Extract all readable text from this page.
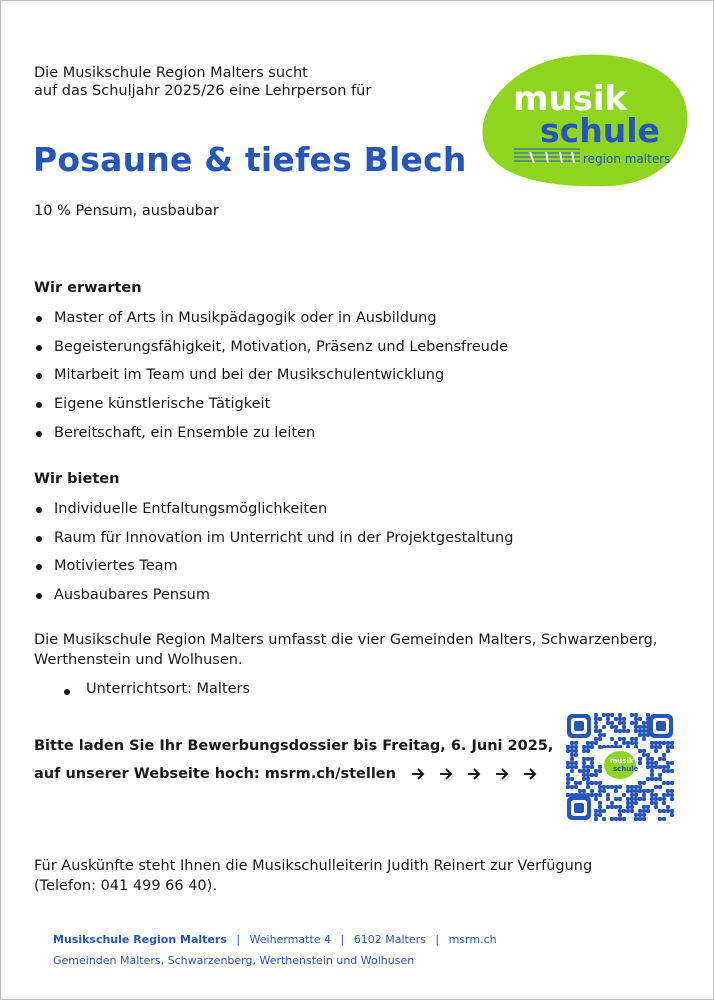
Die Musikschule Region Malters sucht
auf das Schuljahr 2025/26 eine Lehrperson für
Posaune & tiefes Blech
10 % Pensum, ausbaubar
musik
schule
region malters
Wir erwarten
Master of Arts in Musikpädagogik oder in Ausbildung
Begeisterungsfähigkeit, Motivation, Präsenz und Lebensfreude
Mitarbeit im Team und bei der Musikschulentwicklung
Eigene künstlerische Tätigkeit
Bereitschaft, ein Ensemble zu leiten
Wir bieten
Individuelle Entfaltungsmöglichkeiten
Raum für Innovation im Unterricht und in der Projektgestaltung
Motiviertes Team
Ausbaubares Pensum
Die Musikschule Region Malters umfasst die vier Gemeinden Malters, Schwarzenberg, Werthenstein und Wolhusen.
Unterrichtsort: Malters
Bitte laden Sie Ihr Bewerbungsdossier bis Freitag, 6. Juni 2025,
auf unserer Webseite hoch: msrm.ch/stellen
musik
schule
Für Auskünfte steht Ihnen die Musikschulleiterin Judith Reinert zur Verfügung
(Telefon: 041 499 66 40).
Musikschule Region Malters | Weihermatte 4 | 6102 Malters | msrm.ch
Gemeinden Malters, Schwarzenberg, Werthenstein und Wolhusen
